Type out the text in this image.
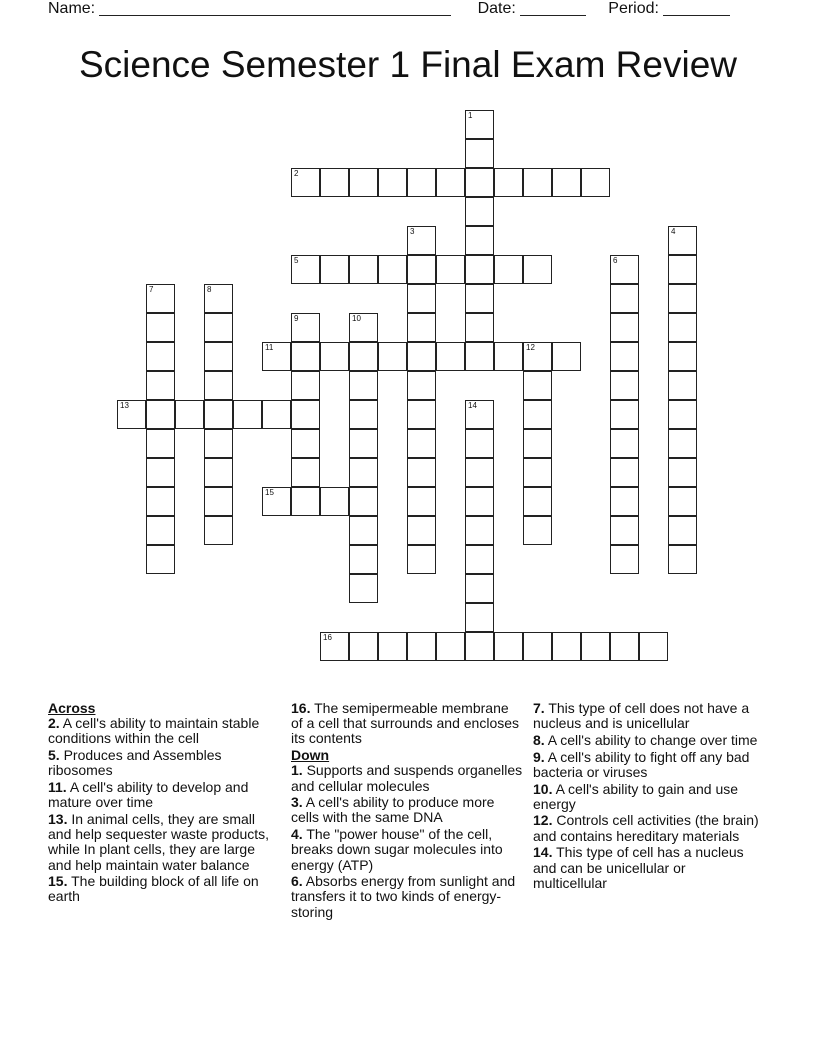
Name:	Date:	Period:
Science Semester 1 Final Exam Review
1
2
3	4
5	6
7	8
9	10
11	12
13	14
15
16
Across
2. A cell's ability to maintain stable conditions within the cell
5. Produces and Assembles ribosomes
11. A cell's ability to develop and mature over time
13. In animal cells, they are small and help sequester waste products, while In plant cells, they are large and help maintain water balance
15. The building block of all life on earth
16. The semipermeable membrane of a cell that surrounds and encloses its contents
Down
1. Supports and suspends organelles and cellular molecules
3. A cell's ability to produce more cells with the same DNA
4. The "power house" of the cell, breaks down sugar molecules into energy (ATP)
6. Absorbs energy from sunlight and transfers it to two kinds of energy-storing
7. This type of cell does not have a nucleus and is unicellular
8. A cell's ability to change over time
9. A cell's ability to fight off any bad bacteria or viruses
10. A cell's ability to gain and use energy
12. Controls cell activities (the brain) and contains hereditary materials
14. This type of cell has a nucleus and can be unicellular or multicellular
